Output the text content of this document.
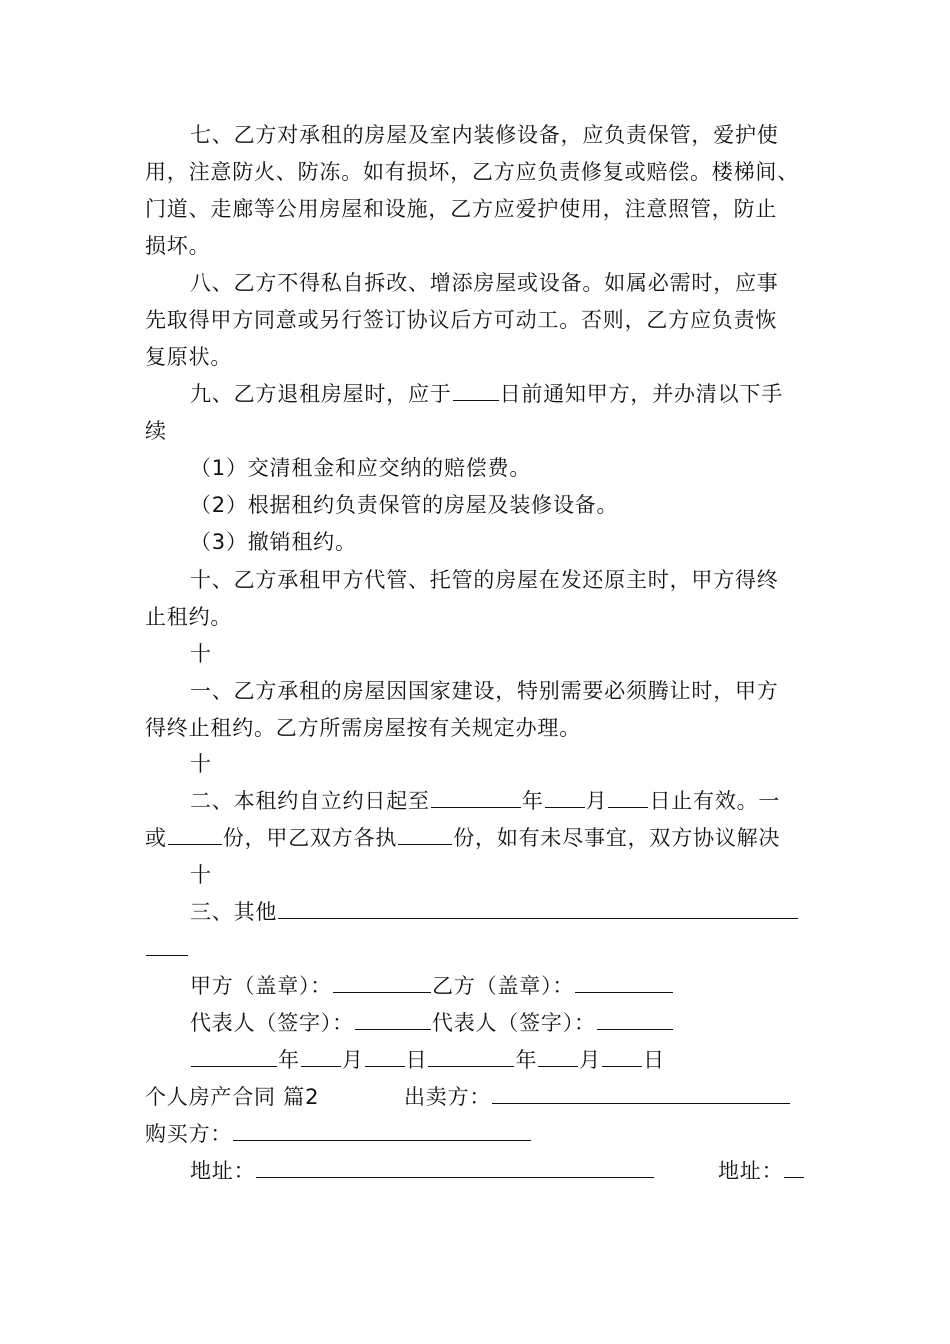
七、乙方对承租的房屋及室内装修设备，应负责保管，爱护使
用，注意防火、防冻。如有损坏，乙方应负责修复或赔偿。楼梯间、
门道、走廊等公用房屋和设施，乙方应爱护使用，注意照管，防止
损坏。
八、乙方不得私自拆改、增添房屋或设备。如属必需时，应事
先取得甲方同意或另行签订协议后方可动工。否则，乙方应负责恢
复原状。
九、乙方退租房屋时，应于 日前通知甲方，并办清以下手
续
（1）交清租金和应交纳的赔偿费。
（2）根据租约负责保管的房屋及装修设备。
（3）撤销租约。
十、乙方承租甲方代管、托管的房屋在发还原主时，甲方得终
止租约。
十
一、乙方承租的房屋因国家建设，特别需要必须腾让时，甲方
得终止租约。乙方所需房屋按有关规定办理。
十
二、本租约自立约日起至	年 月 日止有效。一
或	份，甲乙双方各执	份，如有未尽事宜，双方协议解决
十
三、其他
甲方（盖章）：	乙方（盖章）：
代表人（签字）：	代表人（签字）：
年 月 日	年 月 日
个人房产合同 篇2	出卖方：
购买方：
地址：	地址：
